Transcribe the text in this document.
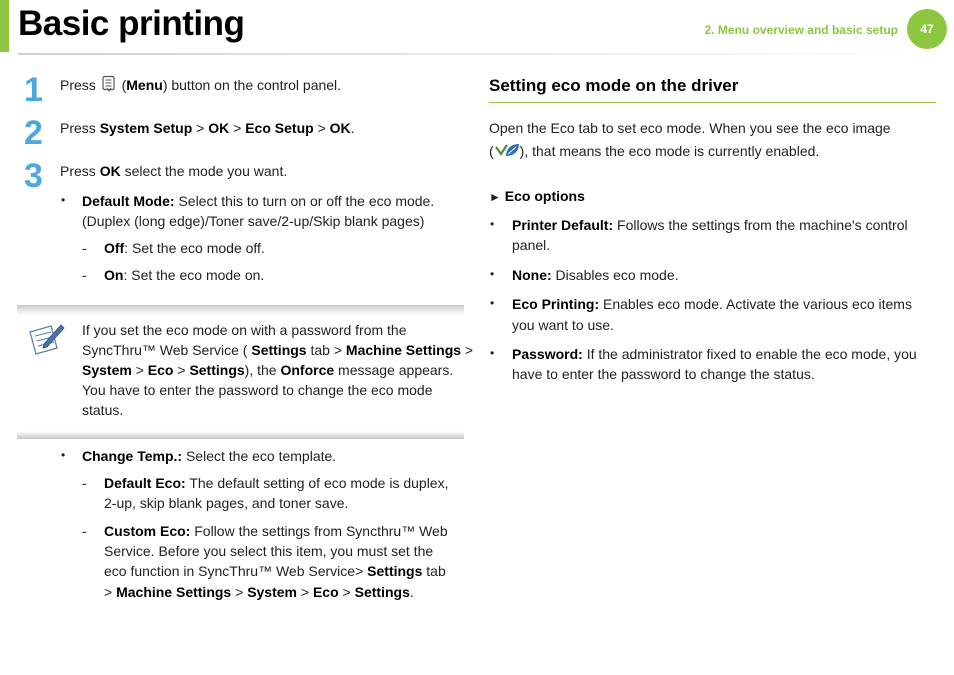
Basic printing	2. Menu overview and basic setup 47
1 Press  (Menu) button on the control panel.
2 Press System Setup > OK > Eco Setup > OK.
3 Press OK select the mode you want.
• Default Mode: Select this to turn on or off the eco mode.
(Duplex (long edge)/Toner save/2-up/Skip blank pages)
- Off: Set the eco mode off.
- On: Set the eco mode on.
If you set the eco mode on with a password from the
SyncThru™ Web Service ( Settings tab > Machine Settings >
System > Eco > Settings), the Onforce message appears.
You have to enter the password to change the eco mode
status.
• Change Temp.: Select the eco template.
- Default Eco: The default setting of eco mode is duplex,
2-up, skip blank pages, and toner save.
- Custom Eco: Follow the settings from Syncthru™ Web
Service. Before you select this item, you must set the
eco function in SyncThru™ Web Service> Settings tab
> Machine Settings > System > Eco > Settings.
Setting eco mode on the driver
Open the Eco tab to set eco mode. When you see the eco image
( ), that means the eco mode is currently enabled.
► Eco options
• Printer Default: Follows the settings from the machine's control
panel.
• None: Disables eco mode.
• Eco Printing: Enables eco mode. Activate the various eco items
you want to use.
• Password: If the administrator fixed to enable the eco mode, you
have to enter the password to change the status.
